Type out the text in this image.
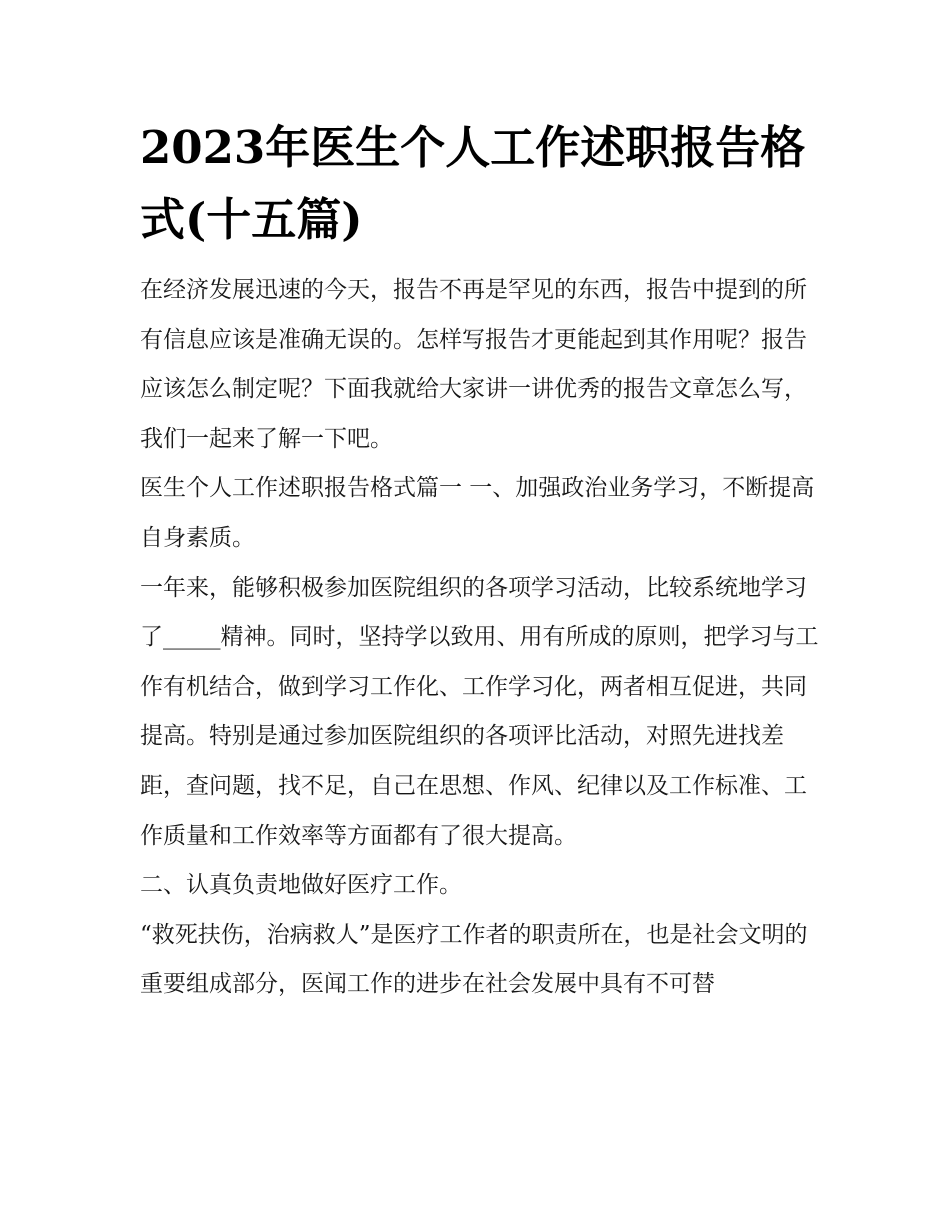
2023年医生个人工作述职报告格式(十五篇)

在经济发展迅速的今天，报告不再是罕见的东西，报告中提到的所有信息应该是准确无误的。怎样写报告才更能起到其作用呢？报告应该怎么制定呢？下面我就给大家讲一讲优秀的报告文章怎么写，我们一起来了解一下吧。

医生个人工作述职报告格式篇一 一、加强政治业务学习，不断提高自身素质。

一年来，能够积极参加医院组织的各项学习活动，比较系统地学习了_____精神。同时，坚持学以致用、用有所成的原则，把学习与工作有机结合，做到学习工作化、工作学习化，两者相互促进，共同提高。特别是通过参加医院组织的各项评比活动，对照先进找差距，查问题，找不足，自己在思想、作风、纪律以及工作标准、工作质量和工作效率等方面都有了很大提高。

二、认真负责地做好医疗工作。

“救死扶伤，治病救人”是医疗工作者的职责所在，也是社会文明的重要组成部分，医闻工作的进步在社会发展中具有不可替
